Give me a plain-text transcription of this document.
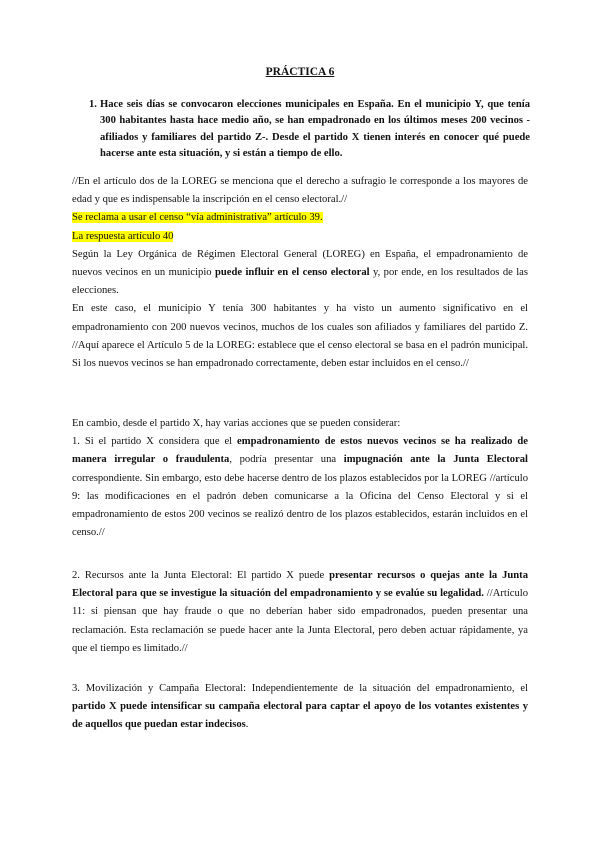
PRÁCTICA 6
1. Hace seis días se convocaron elecciones municipales en España. En el municipio Y, que tenía 300 habitantes hasta hace medio año, se han empadronado en los últimos meses 200 vecinos -afiliados y familiares del partido Z-. Desde el partido X tienen interés en conocer qué puede hacerse ante esta situación, y si están a tiempo de ello.

//En el artículo dos de la LOREG se menciona que el derecho a sufragio le corresponde a los mayores de edad y que es indispensable la inscripción en el censo electoral.//

Se reclama a usar el censo “vía administrativa” artículo 39.

La respuesta artículo 40

Según la Ley Orgánica de Régimen Electoral General (LOREG) en España, el empadronamiento de nuevos vecinos en un municipio puede influir en el censo electoral y, por ende, en los resultados de las elecciones.

En este caso, el municipio Y tenía 300 habitantes y ha visto un aumento significativo en el empadronamiento con 200 nuevos vecinos, muchos de los cuales son afiliados y familiares del partido Z. //Aquí aparece el Artículo 5 de la LOREG: establece que el censo electoral se basa en el padrón municipal. Si los nuevos vecinos se han empadronado correctamente, deben estar incluidos en el censo.//

En cambio, desde el partido X, hay varias acciones que se pueden considerar:

1. Si el partido X considera que el empadronamiento de estos nuevos vecinos se ha realizado de manera irregular o fraudulenta, podría presentar una impugnación ante la Junta Electoral correspondiente. Sin embargo, esto debe hacerse dentro de los plazos establecidos por la LOREG //artículo 9: las modificaciones en el padrón deben comunicarse a la Oficina del Censo Electoral y si el empadronamiento de estos 200 vecinos se realizó dentro de los plazos establecidos, estarán incluidos en el censo.//

2. Recursos ante la Junta Electoral: El partido X puede presentar recursos o quejas ante la Junta Electoral para que se investigue la situación del empadronamiento y se evalúe su legalidad. //Artículo 11: si piensan que hay fraude o que no deberían haber sido empadronados, pueden presentar una reclamación. Esta reclamación se puede hacer ante la Junta Electoral, pero deben actuar rápidamente, ya que el tiempo es limitado.//

3. Movilización y Campaña Electoral: Independientemente de la situación del empadronamiento, el partido X puede intensificar su campaña electoral para captar el apoyo de los votantes existentes y de aquellos que puedan estar indecisos.
